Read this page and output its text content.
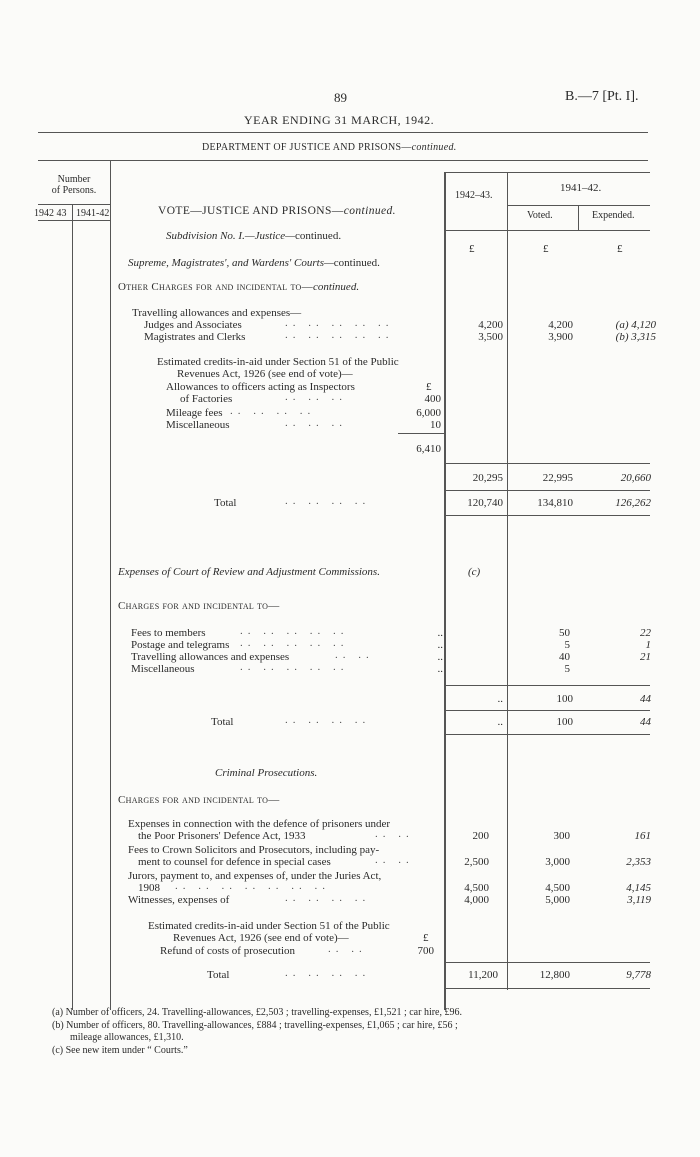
89	B.—7 [Pt. I].
YEAR ENDING 31 MARCH, 1942.
DEPARTMENT OF JUSTICE AND PRISONS—continued.
Number
of Persons.
1942 43 1941-42	VOTE—JUSTICE AND PRISONS—continued.
1942–43.
1941–42.
Voted.	Expended.
Subdivision No. I.—Justice—continued.
£	£	£
Supreme, Magistrates', and Wardens' Courts—continued.
Other Charges for and incidental to—continued.
Travelling allowances and expenses—
Judges and Associates	.. .. .. .. ..	4,200	4,200	(a) 4,120
Magistrates and Clerks	.. .. .. .. ..	3,500	3,900	(b) 3,315
Estimated credits-in-aid under Section 51 of the Public
Revenues Act, 1926 (see end of vote)—
Allowances to officers acting as Inspectors	£
of Factories	.. .. ..	400
Mileage fees .. .. .. ..	6,000
Miscellaneous	.. .. ..	10
6,410
20,295	22,995	20,660
Total	.. .. .. ..	120,740	134,810	126,262
Expenses of Court of Review and Adjustment Commissions.	(c)
Charges for and incidental to—
Fees to members	.. .. .. .. ..	..	50	22
Postage and telegrams .. .. .. .. ..	..	5	1
Travelling allowances and expenses	.. ..	..	40	21
Miscellaneous	.. .. .. .. ..	..	5
..	100	44
Total	.. .. .. ..	..	100	44
Criminal Prosecutions.
Charges for and incidental to—
Expenses in connection with the defence of prisoners under
the Poor Prisoners' Defence Act, 1933	.. ..	200	300	161
Fees to Crown Solicitors and Prosecutors, including pay-
ment to counsel for defence in special cases	.. ..	2,500	3,000	2,353
Jurors, payment to, and expenses of, under the Juries Act,
1908 .. .. .. .. .. .. ..	4,500	4,500	4,145
Witnesses, expenses of	.. .. .. ..	4,000	5,000	3,119
Estimated credits-in-aid under Section 51 of the Public
Revenues Act, 1926 (see end of vote)—	£
Refund of costs of prosecution	.. ..	700
Total	.. .. .. ..	11,200	12,800	9,778
(a) Number of officers, 24. Travelling-allowances, £2,503 ; travelling-expenses, £1,521 ; car hire, £96.
(b) Number of officers, 80. Travelling-allowances, £884 ; travelling-expenses, £1,065 ; car hire, £56 ;
mileage allowances, £1,310.
(c) See new item under “ Courts.”
